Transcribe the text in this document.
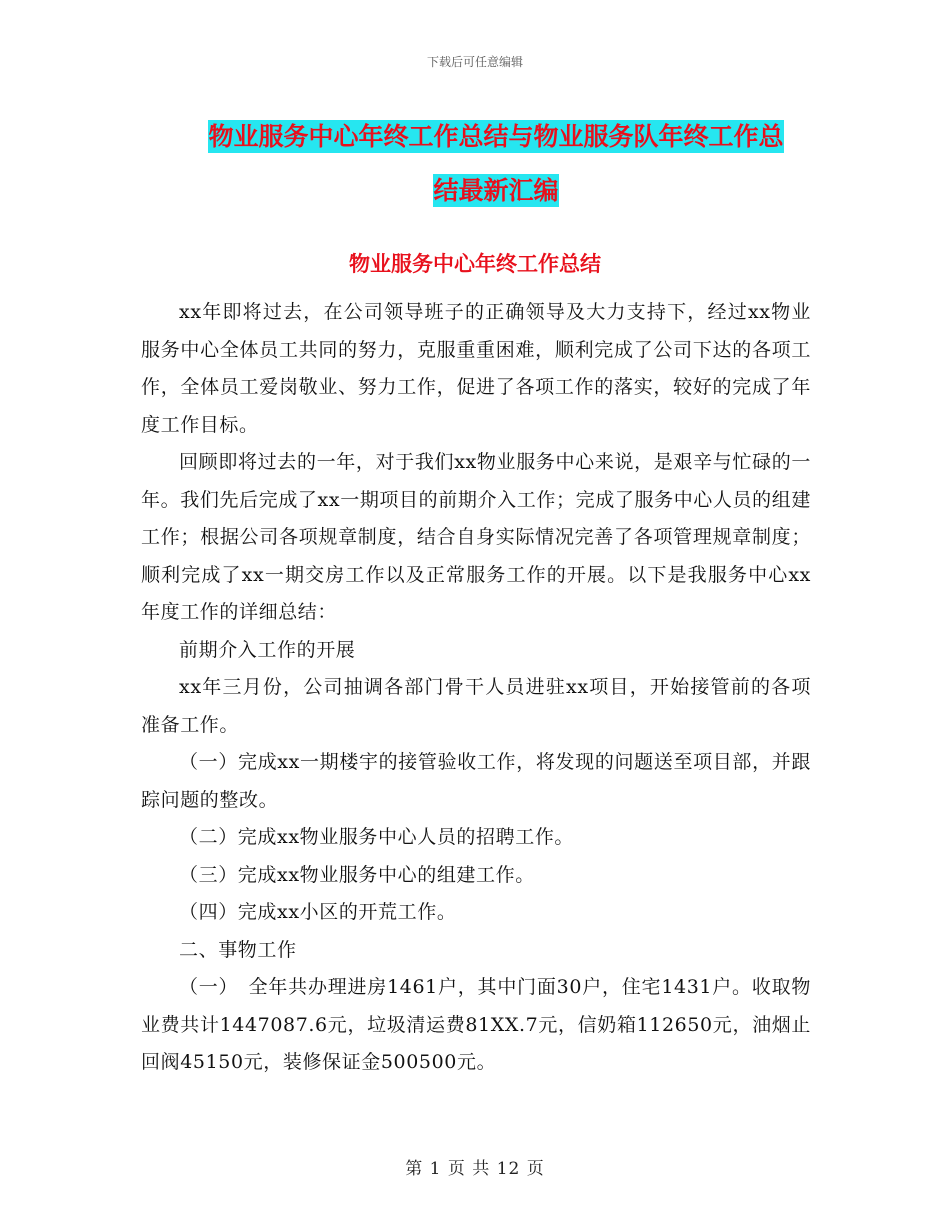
下载后可任意编辑
物业服务中心年终工作总结与物业服务队年终工作总
结最新汇编
物业服务中心年终工作总结

xx年即将过去，在公司领导班子的正确领导及大力支持下，经过xx物业服务中心全体员工共同的努力，克服重重困难，顺利完成了公司下达的各项工作，全体员工爱岗敬业、努力工作，促进了各项工作的落实，较好的完成了年度工作目标。

回顾即将过去的一年，对于我们xx物业服务中心来说，是艰辛与忙碌的一年。我们先后完成了xx一期项目的前期介入工作；完成了服务中心人员的组建工作；根据公司各项规章制度，结合自身实际情况完善了各项管理规章制度；顺利完成了xx一期交房工作以及正常服务工作的开展。以下是我服务中心xx年度工作的详细总结：

前期介入工作的开展

xx年三月份，公司抽调各部门骨干人员进驻xx项目，开始接管前的各项准备工作。

（一）完成xx一期楼宇的接管验收工作，将发现的问题送至项目部，并跟踪问题的整改。

（二）完成xx物业服务中心人员的招聘工作。

（三）完成xx物业服务中心的组建工作。

（四）完成xx小区的开荒工作。

二、事物工作

（一）　全年共办理进房1461户，其中门面30户，住宅1431户。收取物业费共计1447087.6元，垃圾清运费81XX.7元，信奶箱112650元，油烟止回阀45150元，装修保证金500500元。

第 1 页 共 12 页
